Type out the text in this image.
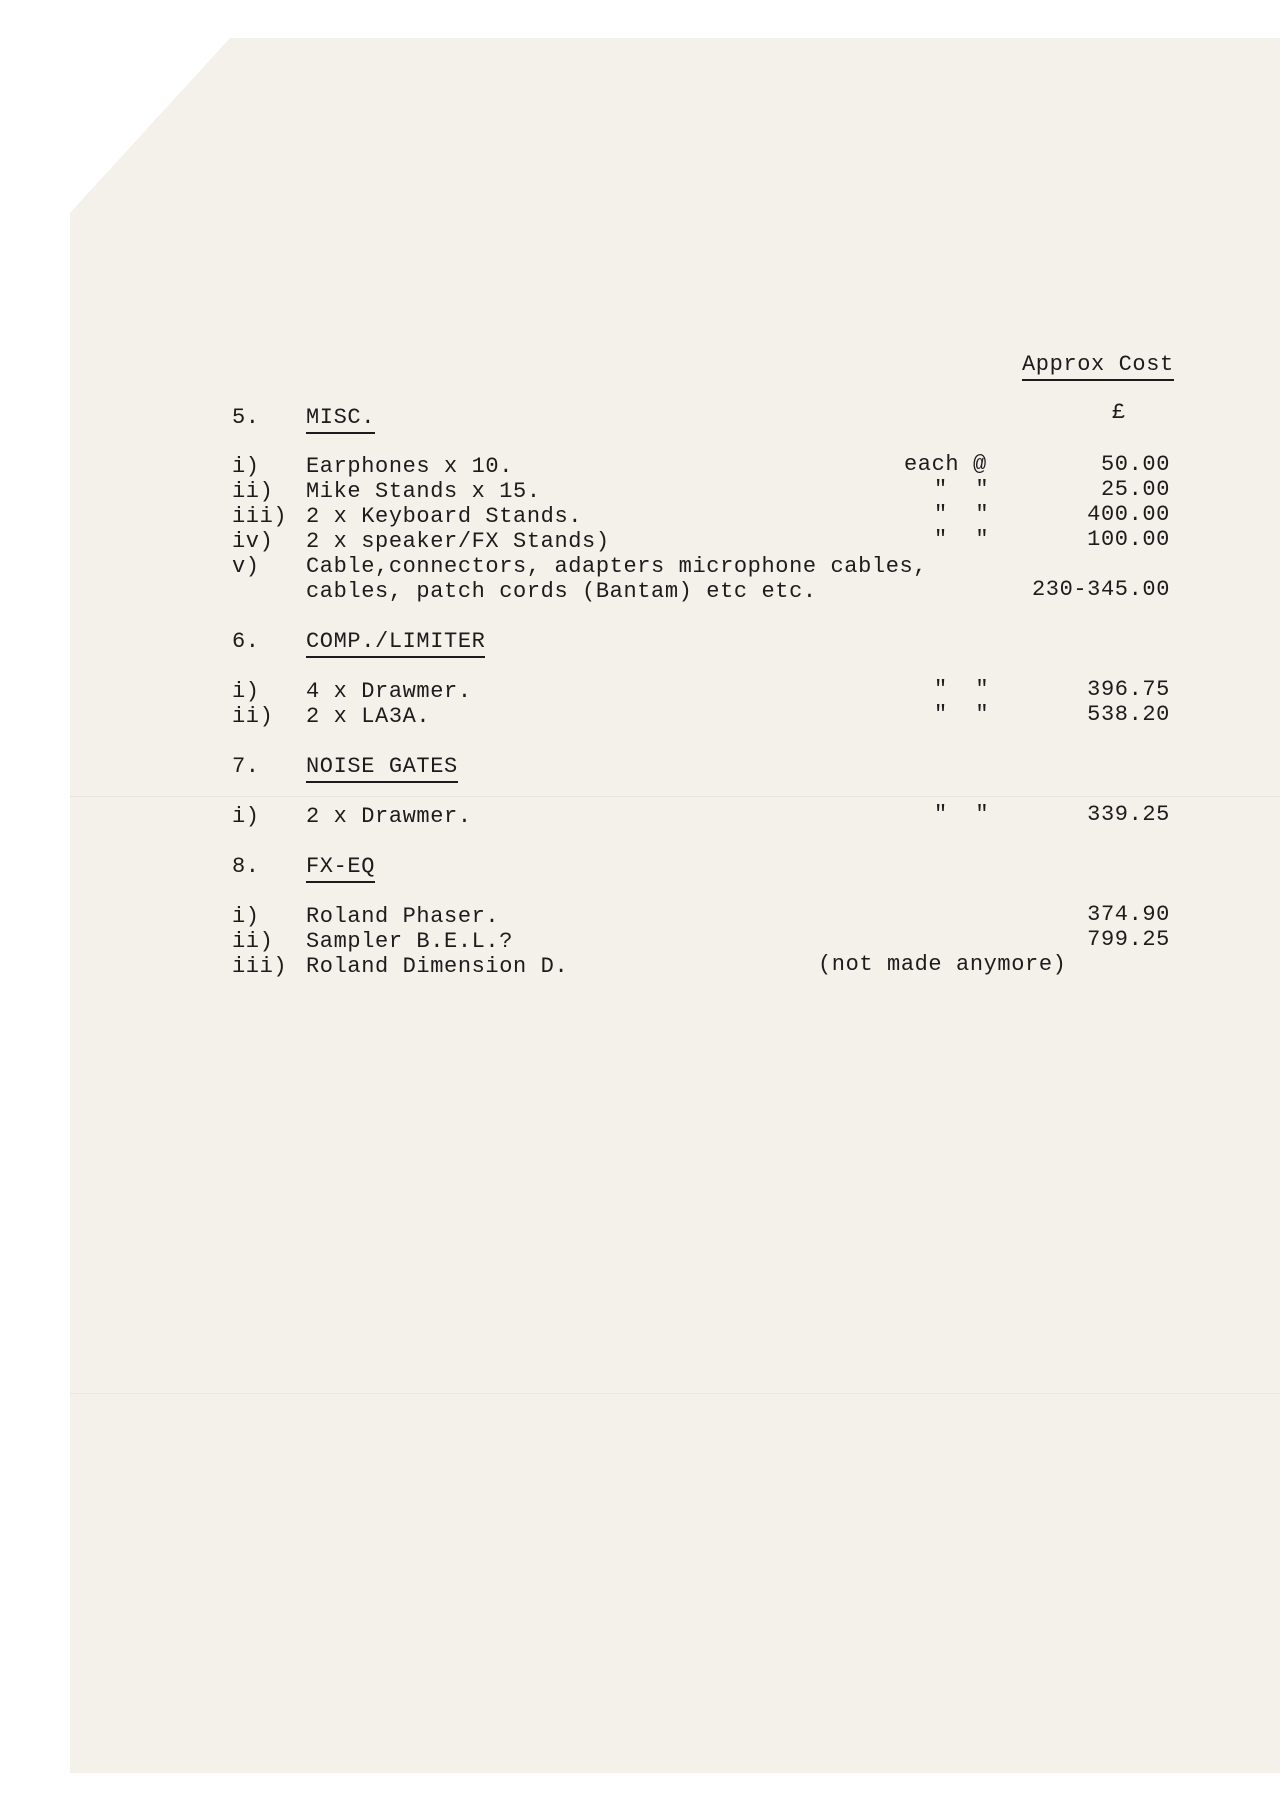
Approx Cost
£
5. MISC.
i) Earphones x 10.	each @	50.00
ii) Mike Stands x 15.	"  "	25.00
iii) 2 x Keyboard Stands.	"  "	400.00
iv) 2 x speaker/FX Stands)	"  "	100.00
v) Cable,connectors, adapters microphone cables,
cables, patch cords (Bantam) etc etc.	230-345.00
6. COMP./LIMITER
i) 4 x Drawmer.	"  "	396.75
ii) 2 x LA3A.	"  "	538.20
7. NOISE GATES
i) 2 x Drawmer.	"  "	339.25
8. FX-EQ
i) Roland Phaser.	374.90
ii) Sampler B.E.L.?	799.25
iii) Roland Dimension D.	(not made anymore)
